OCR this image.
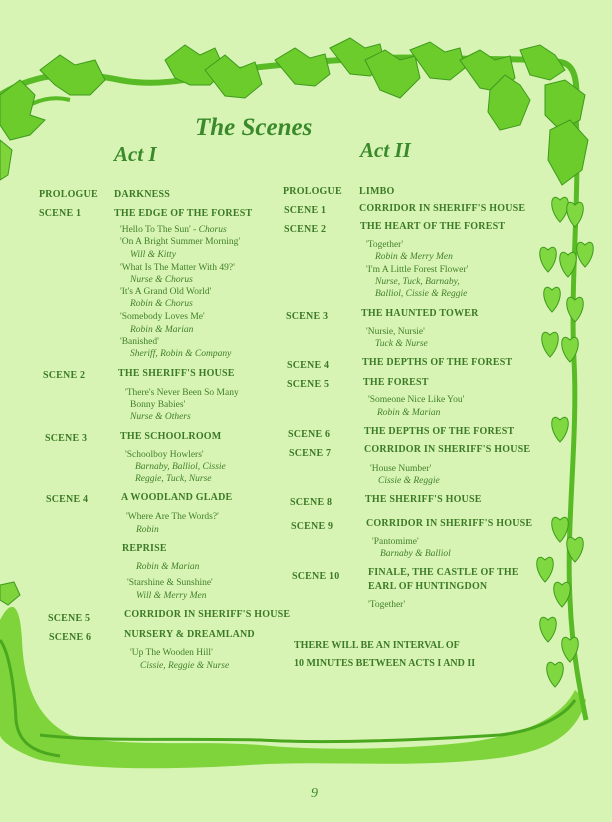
The Scenes
Act I	Act II
PROLOGUE DARKNESS
SCENE 1	THE EDGE OF THE FOREST
'Hello To The Sun' - Chorus
'On A Bright Summer Morning'
Will & Kitty
'What Is The Matter With 49?'
Nurse & Chorus
'It's A Grand Old World'
Robin & Chorus
'Somebody Loves Me'
Robin & Marian
'Banished'
Sheriff, Robin & Company
SCENE 2	THE SHERIFF'S HOUSE
'There's Never Been So Many
Bonny Babies'
Nurse & Others
SCENE 3	THE SCHOOLROOM
'Schoolboy Howlers'
Barnaby, Balliol, Cissie
Reggie, Tuck, Nurse
SCENE 4	A WOODLAND GLADE
'Where Are The Words?'
Robin
REPRISE
Robin & Marian
'Starshine & Sunshine'
Will & Merry Men
SCENE 5	CORRIDOR IN SHERIFF'S HOUSE
SCENE 6	NURSERY & DREAMLAND
'Up The Wooden Hill'
Cissie, Reggie & Nurse
PROLOGUE LIMBO
SCENE 1	CORRIDOR IN SHERIFF'S HOUSE
SCENE 2	THE HEART OF THE FOREST
'Together'
Robin & Merry Men
'I'm A Little Forest Flower'
Nurse, Tuck, Barnaby,
Balliol, Cissie & Reggie
SCENE 3	THE HAUNTED TOWER
'Nursie, Nursie'
Tuck & Nurse
SCENE 4	THE DEPTHS OF THE FOREST
SCENE 5	THE FOREST
'Someone Nice Like You'
Robin & Marian
SCENE 6	THE DEPTHS OF THE FOREST
SCENE 7	CORRIDOR IN SHERIFF'S HOUSE
'House Number'
Cissie & Reggie
SCENE 8	THE SHERIFF'S HOUSE
SCENE 9	CORRIDOR IN SHERIFF'S HOUSE
'Pantomime'
Barnaby & Balliol
SCENE 10	FINALE, THE CASTLE OF THE
EARL OF HUNTINGDON
'Together'
THERE WILL BE AN INTERVAL OF
10 MINUTES BETWEEN ACTS I AND II
9
